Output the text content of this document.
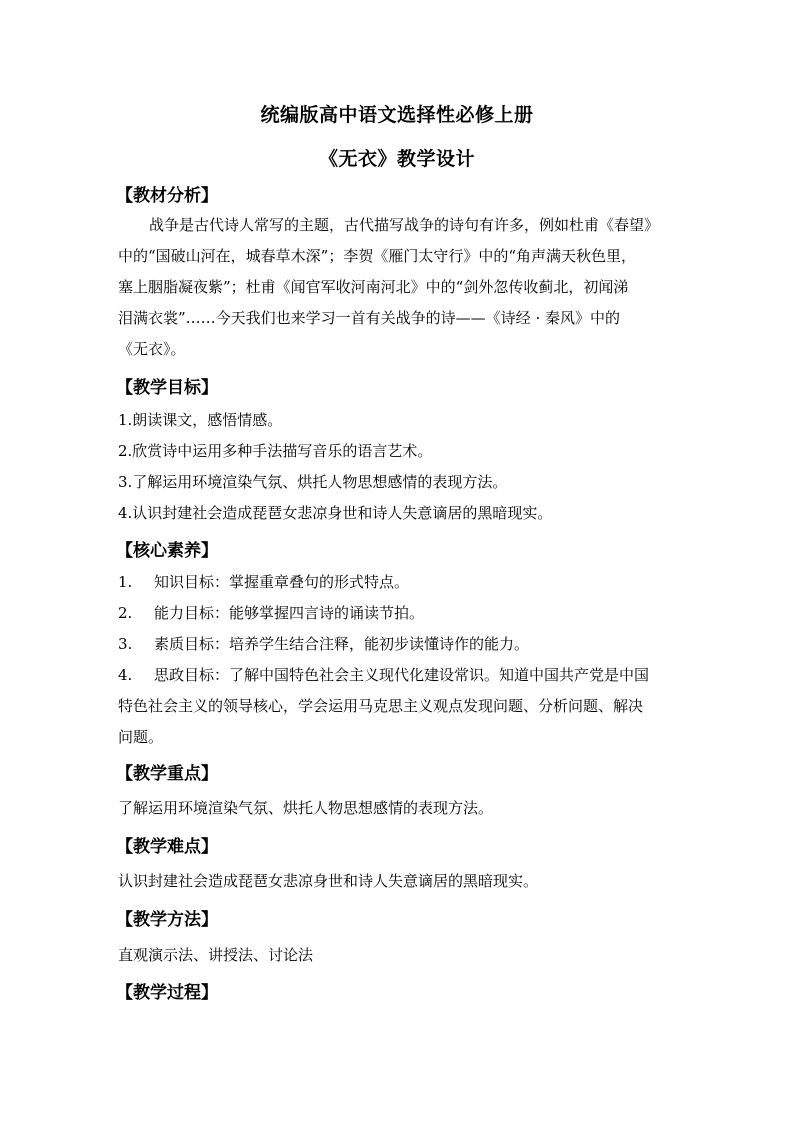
统编版高中语文选择性必修上册
《无衣》教学设计
【教材分析】
战争是古代诗人常写的主题，古代描写战争的诗句有许多，例如杜甫《春望》
中的“国破山河在，城春草木深”；李贺《雁门太守行》中的“角声满天秋色里，
塞上胭脂凝夜紫”；杜甫《闻官军收河南河北》中的“剑外忽传收蓟北，初闻涕
泪满衣裳”……今天我们也来学习一首有关战争的诗——《诗经 · 秦风》中的
《无衣》。
【教学目标】
1.朗读课文，感悟情感。
2.欣赏诗中运用多种手法描写音乐的语言艺术。
3.了解运用环境渲染气氛、烘托人物思想感情的表现方法。
4.认识封建社会造成琵琶女悲凉身世和诗人失意谪居的黑暗现实。
【核心素养】
1. 知识目标：掌握重章叠句的形式特点。
2. 能力目标：能够掌握四言诗的诵读节拍。
3. 素质目标：培养学生结合注释，能初步读懂诗作的能力。
4. 思政目标：了解中国特色社会主义现代化建设常识。知道中国共产党是中国
特色社会主义的领导核心，学会运用马克思主义观点发现问题、分析问题、解决
问题。
【教学重点】
了解运用环境渲染气氛、烘托人物思想感情的表现方法。
【教学难点】
认识封建社会造成琵琶女悲凉身世和诗人失意谪居的黑暗现实。
【教学方法】
直观演示法、讲授法、讨论法
【教学过程】
